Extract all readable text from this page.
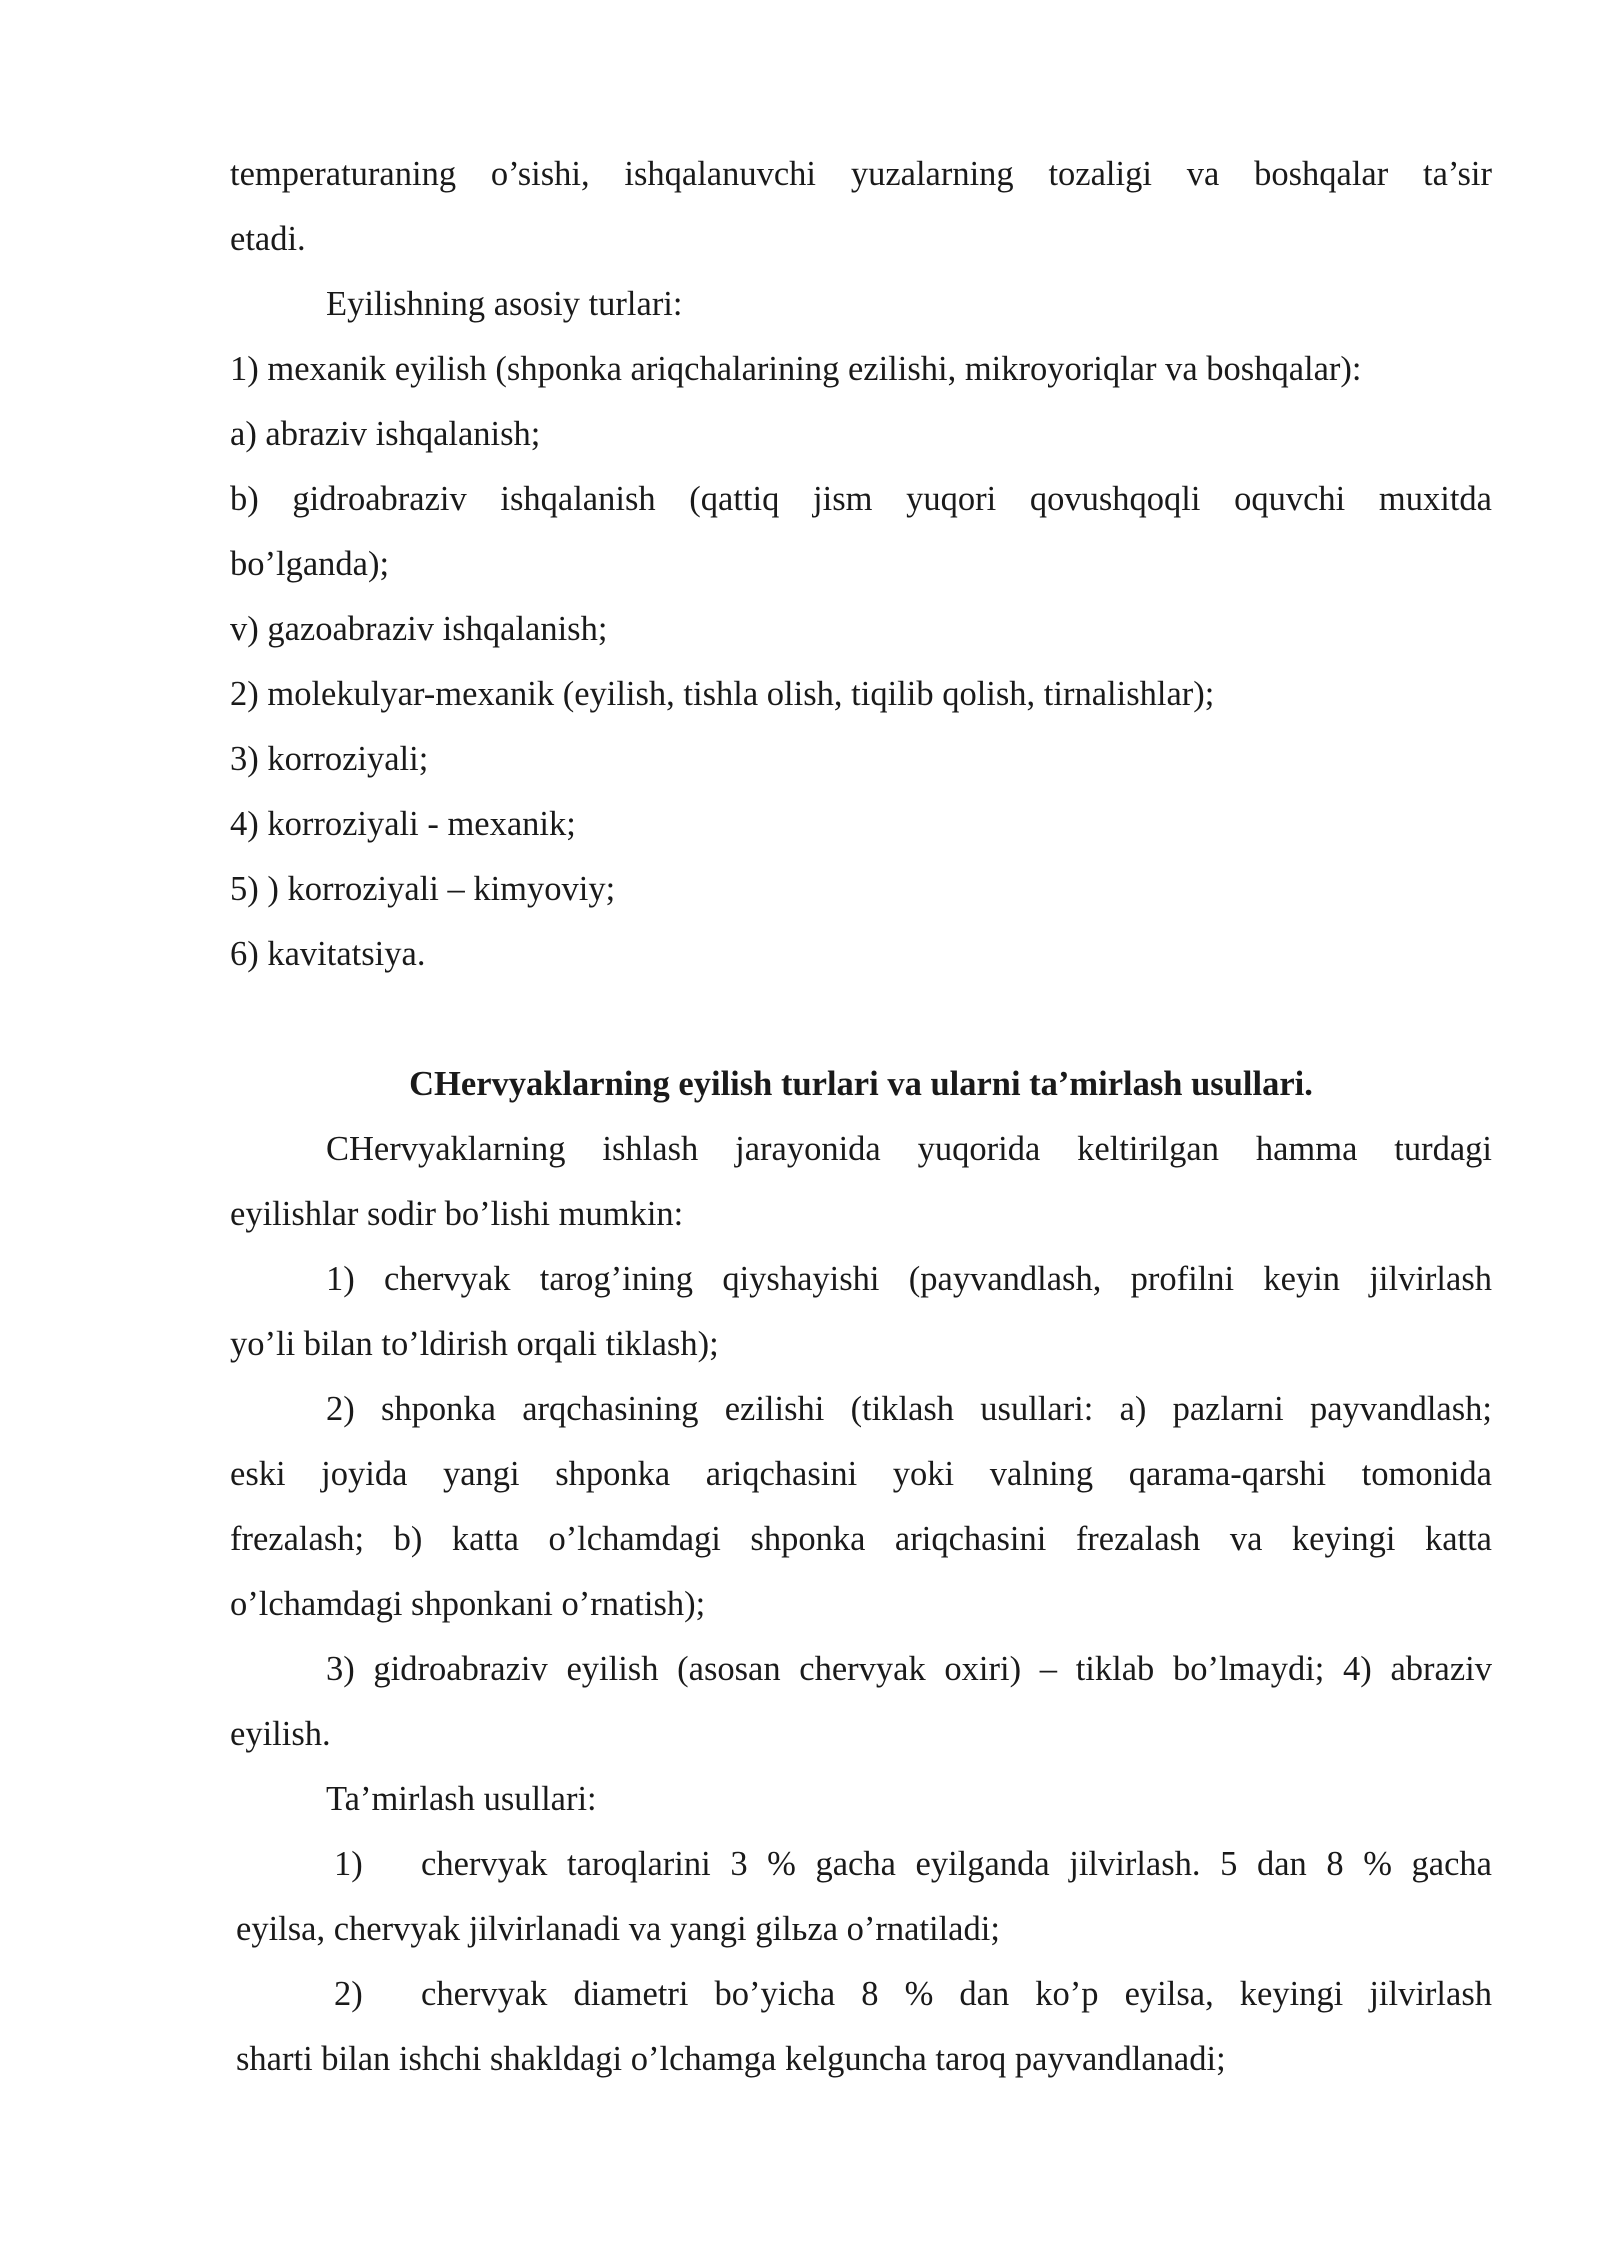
temperaturaning o’sishi, ishqalanuvchi yuzalarning tozaligi va boshqalar ta’sir

etadi.

Eyilishning asosiy turlari:

1) mexanik eyilish (shponka ariqchalarining ezilishi, mikroyoriqlar va boshqalar):

a) abraziv ishqalanish;

b) gidroabraziv ishqalanish (qattiq jism yuqori qovushqoqli oquvchi muxitda

bo’lganda);

v) gazoabraziv ishqalanish;

2) molekulyar-mexanik (eyilish, tishla olish, tiqilib qolish, tirnalishlar);

3) korroziyali;

4) korroziyali - mexanik;

5) ) korroziyali – kimyoviy;

6) kavitatsiya.

CHervyaklarning eyilish turlari va ularni ta’mirlash usullari.

CHervyaklarning ishlash jarayonida yuqorida keltirilgan hamma turdagi

eyilishlar sodir bo’lishi mumkin:

1) chervyak tarog’ining qiyshayishi (payvandlash, profilni keyin jilvirlash

yo’li bilan to’ldirish orqali tiklash);

2) shponka arqchasining ezilishi (tiklash usullari: a) pazlarni payvandlash;

eski joyida yangi shponka ariqchasini yoki valning qarama-qarshi tomonida

frezalash; b) katta o’lchamdagi shponka ariqchasini frezalash va keyingi katta

o’lchamdagi shponkani o’rnatish);

3) gidroabraziv eyilish (asosan chervyak oxiri) – tiklab bo’lmaydi; 4) abraziv

eyilish.

Ta’mirlash usullari:

1) chervyak taroqlarini 3 % gacha eyilganda jilvirlash. 5 dan 8 % gacha

eyilsa, chervyak jilvirlanadi va yangi gilьza o’rnatiladi;

2) chervyak diametri bo’yicha 8 % dan ko’p eyilsa, keyingi jilvirlash

sharti bilan ishchi shakldagi o’lchamga kelguncha taroq payvandlanadi;
